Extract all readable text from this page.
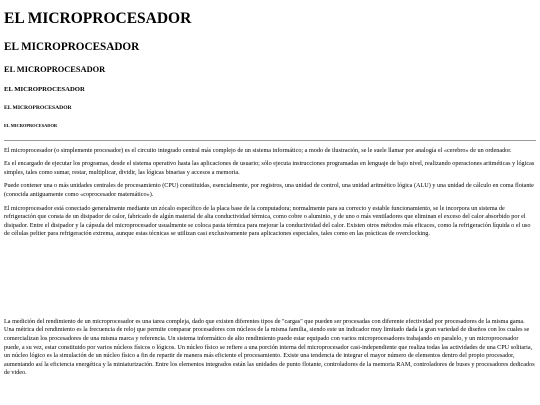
EL MICROPROCESADOR
EL MICROPROCESADOR
EL MICROPROCESADOR
EL MICROPROCESADOR
EL MICROPROCESADOR
EL MICROPROCESADOR

El microprocesador (o simplemente procesador) es el circuito integrado central más complejo de un sistema informático; a modo de ilustración, se le suele llamar por analogía el «cerebro» de un ordenador.

Es el encargado de ejecutar los programas, desde el sistema operativo hasta las aplicaciones de usuario; sólo ejecuta instrucciones programadas en lenguaje de bajo nivel, realizando operaciones aritméticas y lógicas simples, tales como sumar, restar, multiplicar, dividir, las lógicas binarias y accesos a memoria.

Puede contener una o más unidades centrales de procesamiento (CPU) constituidas, esencialmente, por registros, una unidad de control, una unidad aritmético lógica (ALU) y una unidad de cálculo en coma flotante (conocida antiguamente como «coprocesador matemático»).

El microprocesador está conectado generalmente mediante un zócalo específico de la placa base de la computadora; normalmente para su correcto y estable funcionamiento, se le incorpora un sistema de refrigeración que consta de un disipador de calor, fabricado de algún material de alta conductividad térmica, como cobre o aluminio, y de uno o más ventiladores que eliminan el exceso del calor absorbido por el disipador. Entre el disipador y la cápsula del microprocesador usualmente se coloca pasta térmica para mejorar la conductividad del calor. Existen otros métodos más eficaces, como la refrigeración líquida o el uso de células peltier para refrigeración extrema, aunque estas técnicas se utilizan casi exclusivamente para aplicaciones especiales, tales como en las prácticas de overclocking.

La medición del rendimiento de un microprocesador es una tarea compleja, dado que existen diferentes tipos de "cargas" que pueden ser procesadas con diferente efectividad por procesadores de la misma gama. Una métrica del rendimiento es la frecuencia de reloj que permite comparar procesadores con núcleos de la misma familia, siendo este un indicador muy limitado dada la gran variedad de diseños con los cuales se comercializan los procesadores de una misma marca y referencia. Un sistema informático de alto rendimiento puede estar equipado con varios microprocesadores trabajando en paralelo, y un microprocesador puede, a su vez, estar constituido por varios núcleos físicos o lógicos. Un núcleo físico se refiere a una porción interna del microprocesador casi-independiente que realiza todas las actividades de una CPU solitaria, un núcleo lógico es la simulación de un núcleo físico a fin de repartir de manera más eficiente el procesamiento. Existe una tendencia de integrar el mayor número de elementos dentro del propio procesador, aumentando así la eficiencia energética y la miniaturización. Entre los elementos integrados están las unidades de punto flotante, controladores de la memoria RAM, controladores de buses y procesadores dedicados de video.
